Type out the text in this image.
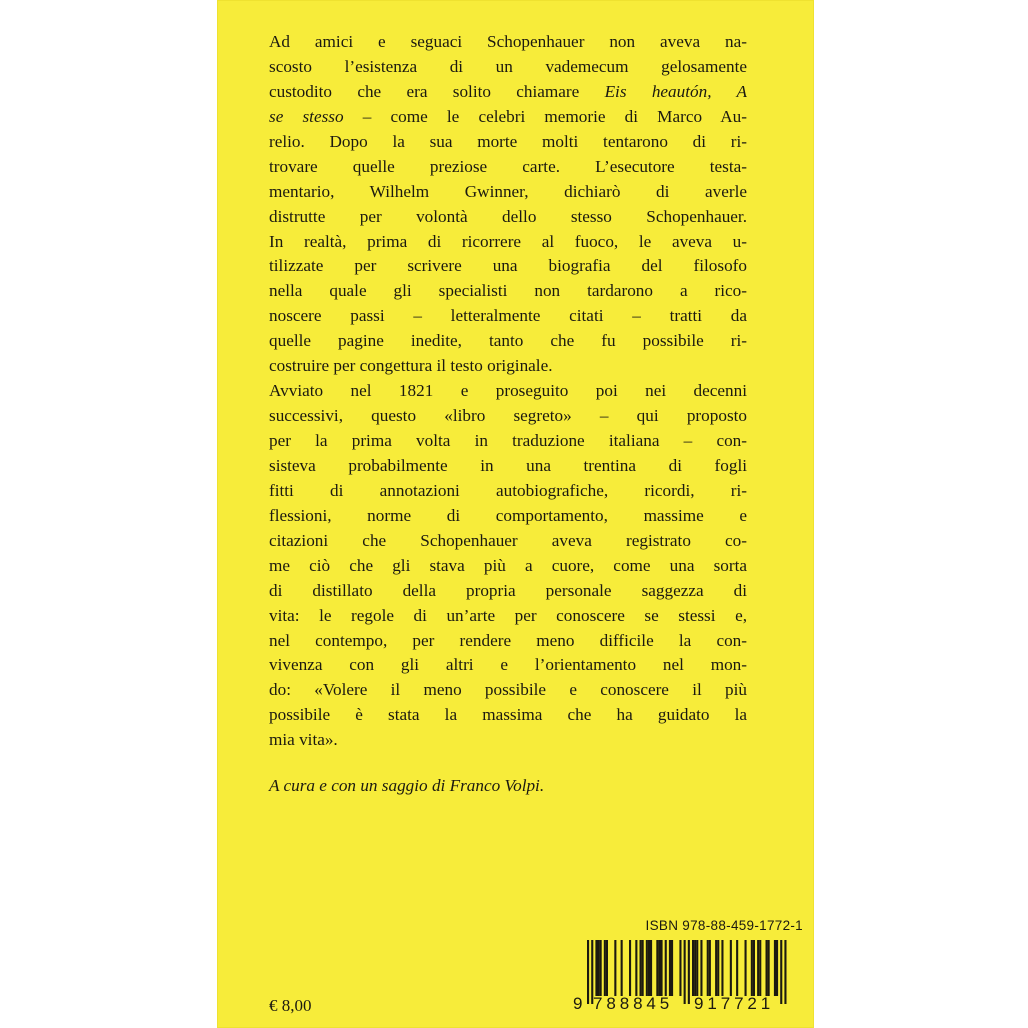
Ad amici e seguaci Schopenhauer non aveva na-
scosto l’esistenza di un vademecum gelosamente
custodito che era solito chiamare Eis heautón, A
se stesso – come le celebri memorie di Marco Au-
relio. Dopo la sua morte molti tentarono di ri-
trovare quelle preziose carte. L’esecutore testa-
mentario, Wilhelm Gwinner, dichiarò di averle
distrutte per volontà dello stesso Schopenhauer.
In realtà, prima di ricorrere al fuoco, le aveva u-
tilizzate per scrivere una biografia del filosofo
nella quale gli specialisti non tardarono a rico-
noscere passi – letteralmente citati – tratti da
quelle pagine inedite, tanto che fu possibile ri-
costruire per congettura il testo originale.
Avviato nel 1821 e proseguito poi nei decenni
successivi, questo «libro segreto» – qui proposto
per la prima volta in traduzione italiana – con-
sisteva probabilmente in una trentina di fogli
fitti di annotazioni autobiografiche, ricordi, ri-
flessioni, norme di comportamento, massime e
citazioni che Schopenhauer aveva registrato co-
me ciò che gli stava più a cuore, come una sorta
di distillato della propria personale saggezza di
vita: le regole di un’arte per conoscere se stessi e,
nel contempo, per rendere meno difficile la con-
vivenza con gli altri e l’orientamento nel mon-
do: «Volere il meno possibile e conoscere il più
possibile è stata la massima che ha guidato la
mia vita».
A cura e con un saggio di Franco Volpi.
€ 8,00
ISBN 978-88-459-1772-1
9 788845 917721
